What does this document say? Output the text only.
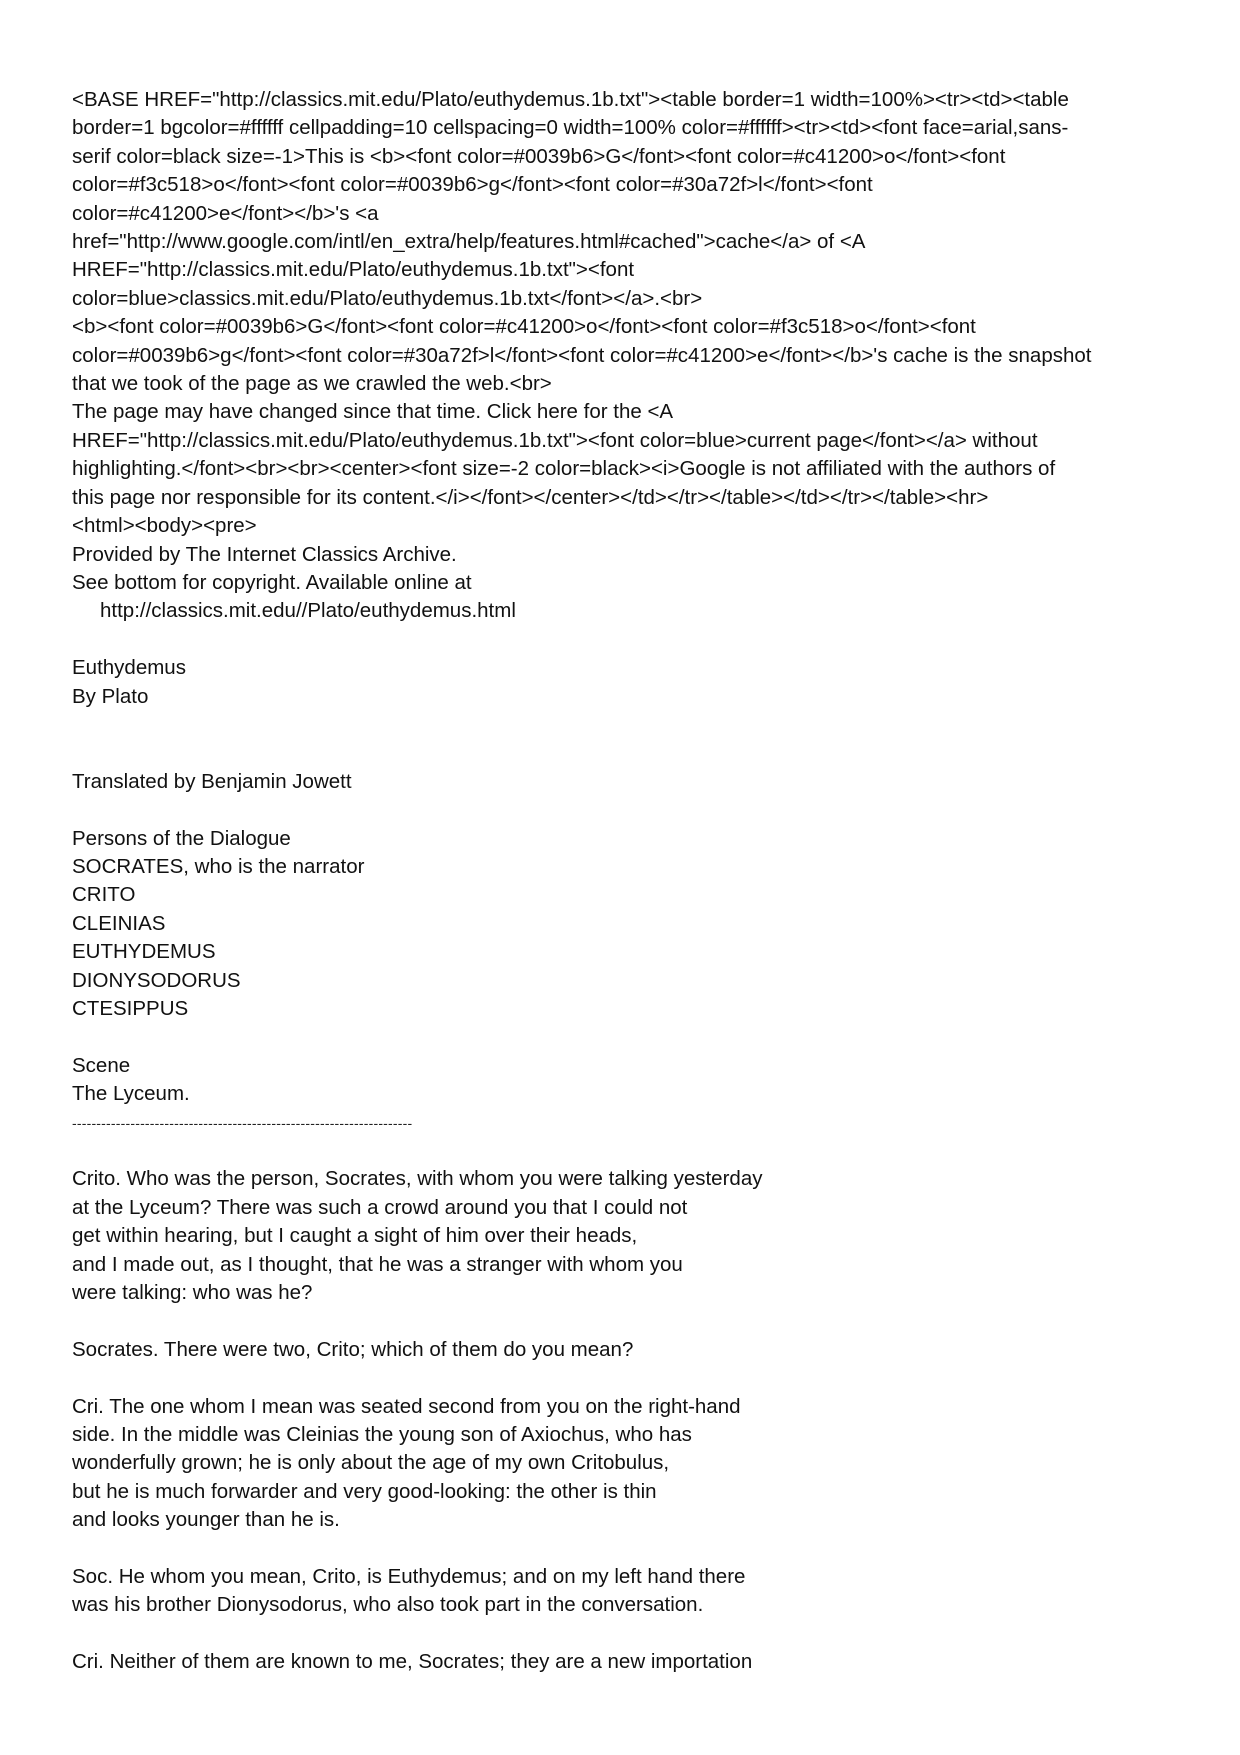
<BASE HREF="http://classics.mit.edu/Plato/euthydemus.1b.txt"><table border=1 width=100%><tr><td><table
border=1 bgcolor=#ffffff cellpadding=10 cellspacing=0 width=100% color=#ffffff><tr><td><font face=arial,sans-
serif color=black size=-1>This is <b><font color=#0039b6>G</font><font color=#c41200>o</font><font
color=#f3c518>o</font><font color=#0039b6>g</font><font color=#30a72f>l</font><font
color=#c41200>e</font></b>'s <a
href="http://www.google.com/intl/en_extra/help/features.html#cached">cache</a> of <A
HREF="http://classics.mit.edu/Plato/euthydemus.1b.txt"><font
color=blue>classics.mit.edu/Plato/euthydemus.1b.txt</font></a>.<br>
<b><font color=#0039b6>G</font><font color=#c41200>o</font><font color=#f3c518>o</font><font
color=#0039b6>g</font><font color=#30a72f>l</font><font color=#c41200>e</font></b>'s cache is the snapshot
that we took of the page as we crawled the web.<br>
The page may have changed since that time. Click here for the <A
HREF="http://classics.mit.edu/Plato/euthydemus.1b.txt"><font color=blue>current page</font></a> without
highlighting.</font><br><br><center><font size=-2 color=black><i>Google is not affiliated with the authors of
this page nor responsible for its content.</i></font></center></td></tr></table></td></tr></table><hr>
<html><body><pre>
Provided by The Internet Classics Archive.
See bottom for copyright. Available online at
http://classics.mit.edu//Plato/euthydemus.html
Euthydemus
By Plato
Translated by Benjamin Jowett
Persons of the Dialogue
SOCRATES, who is the narrator
CRITO
CLEINIAS
EUTHYDEMUS
DIONYSODORUS
CTESIPPUS
Scene
The Lyceum.
----------------------------------------------------------------------
Crito. Who was the person, Socrates, with whom you were talking yesterday
at the Lyceum? There was such a crowd around you that I could not
get within hearing, but I caught a sight of him over their heads,
and I made out, as I thought, that he was a stranger with whom you
were talking: who was he?
Socrates. There were two, Crito; which of them do you mean?
Cri. The one whom I mean was seated second from you on the right-hand
side. In the middle was Cleinias the young son of Axiochus, who has
wonderfully grown; he is only about the age of my own Critobulus,
but he is much forwarder and very good-looking: the other is thin
and looks younger than he is.
Soc. He whom you mean, Crito, is Euthydemus; and on my left hand there
was his brother Dionysodorus, who also took part in the conversation.
Cri. Neither of them are known to me, Socrates; they are a new importation
